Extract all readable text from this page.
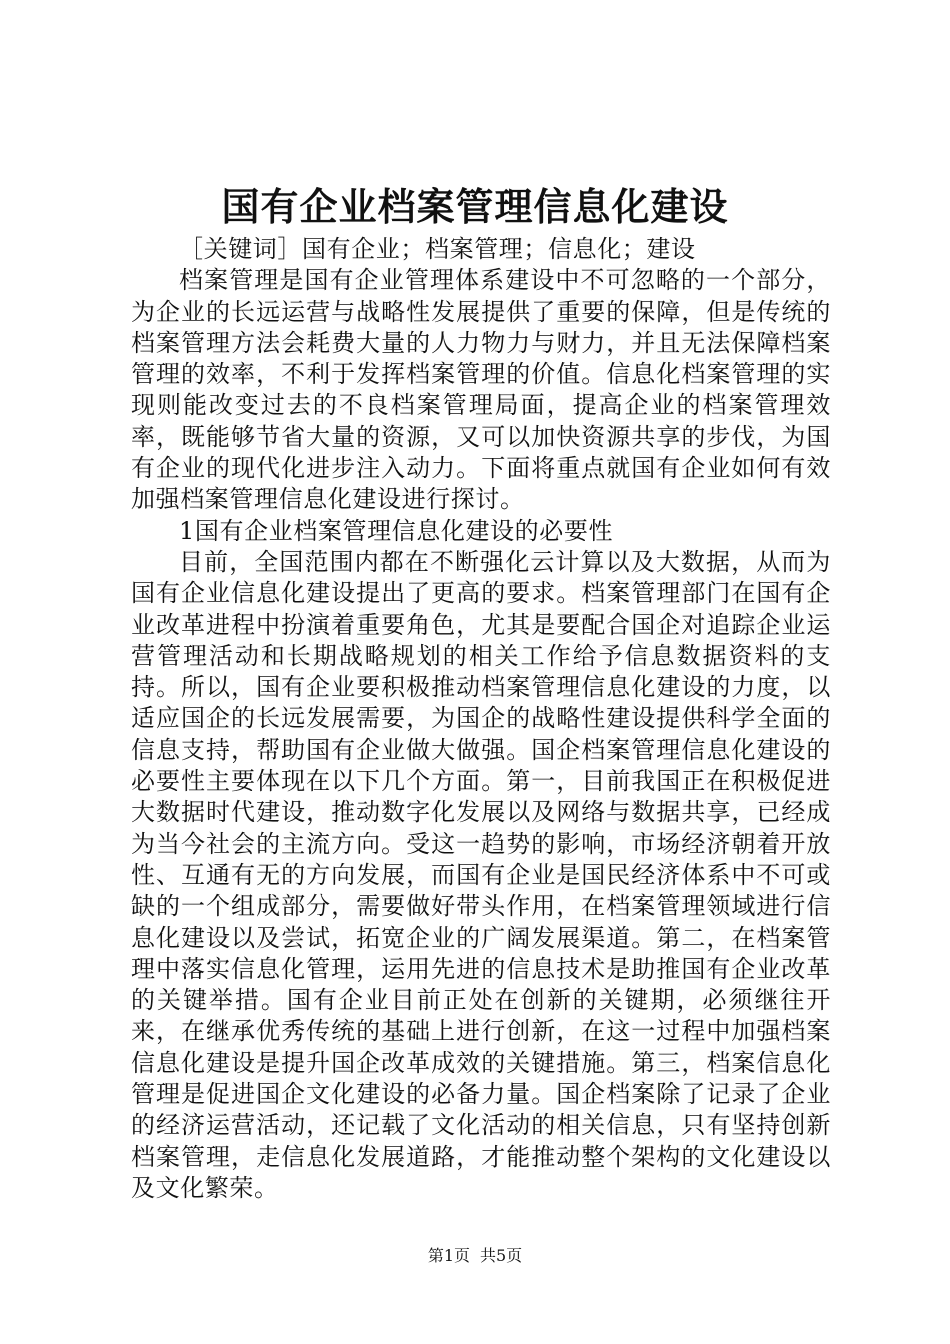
国有企业档案管理信息化建设

［关键词］国有企业；档案管理；信息化；建设

档案管理是国有企业管理体系建设中不可忽略的一个部分，为企业的长远运营与战略性发展提供了重要的保障，但是传统的档案管理方法会耗费大量的人力物力与财力，并且无法保障档案管理的效率，不利于发挥档案管理的价值。信息化档案管理的实现则能改变过去的不良档案管理局面，提高企业的档案管理效率，既能够节省大量的资源，又可以加快资源共享的步伐，为国有企业的现代化进步注入动力。下面将重点就国有企业如何有效加强档案管理信息化建设进行探讨。

1国有企业档案管理信息化建设的必要性

目前，全国范围内都在不断强化云计算以及大数据，从而为国有企业信息化建设提出了更高的要求。档案管理部门在国有企业改革进程中扮演着重要角色，尤其是要配合国企对追踪企业运营管理活动和长期战略规划的相关工作给予信息数据资料的支持。所以，国有企业要积极推动档案管理信息化建设的力度，以适应国企的长远发展需要，为国企的战略性建设提供科学全面的信息支持，帮助国有企业做大做强。国企档案管理信息化建设的必要性主要体现在以下几个方面。第一，目前我国正在积极促进大数据时代建设，推动数字化发展以及网络与数据共享，已经成为当今社会的主流方向。受这一趋势的影响，市场经济朝着开放性、互通有无的方向发展，而国有企业是国民经济体系中不可或缺的一个组成部分，需要做好带头作用，在档案管理领域进行信息化建设以及尝试，拓宽企业的广阔发展渠道。第二，在档案管理中落实信息化管理，运用先进的信息技术是助推国有企业改革的关键举措。国有企业目前正处在创新的关键期，必须继往开来，在继承优秀传统的基础上进行创新，在这一过程中加强档案信息化建设是提升国企改革成效的关键措施。第三，档案信息化管理是促进国企文化建设的必备力量。国企档案除了记录了企业的经济运营活动，还记载了文化活动的相关信息，只有坚持创新档案管理，走信息化发展道路，才能推动整个架构的文化建设以及文化繁荣。

第1页 共5页
